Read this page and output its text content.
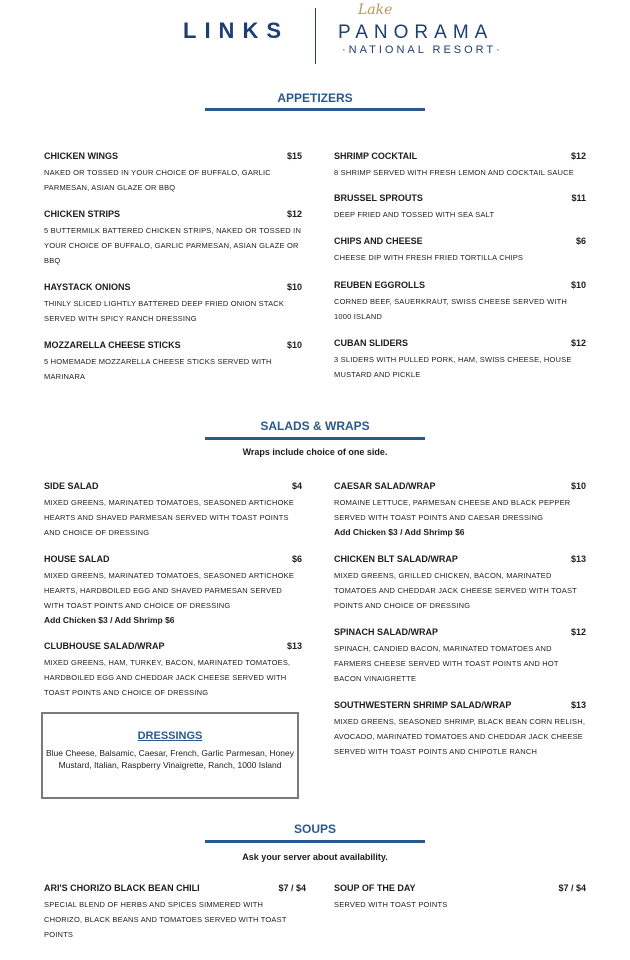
LINKS
Lake
PANORAMA
·NATIONAL RESORT·
APPETIZERS
CHICKEN WINGS	$15
NAKED OR TOSSED IN YOUR CHOICE OF BUFFALO, GARLIC PARMESAN, ASIAN GLAZE OR BBQ
CHICKEN STRIPS	$12
5 BUTTERMILK BATTERED CHICKEN STRIPS, NAKED OR TOSSED IN YOUR CHOICE OF BUFFALO, GARLIC PARMESAN, ASIAN GLAZE OR BBQ
HAYSTACK ONIONS	$10
THINLY SLICED LIGHTLY BATTERED DEEP FRIED ONION STACK SERVED WITH SPICY RANCH DRESSING
MOZZARELLA CHEESE STICKS	$10
5 HOMEMADE MOZZARELLA CHEESE STICKS SERVED WITH MARINARA
SHRIMP COCKTAIL	$12
8 SHRIMP SERVED WITH FRESH LEMON AND COCKTAIL SAUCE
BRUSSEL SPROUTS	$11
DEEP FRIED AND TOSSED WITH SEA SALT
CHIPS AND CHEESE	$6
CHEESE DIP WITH FRESH FRIED TORTILLA CHIPS
REUBEN EGGROLLS	$10
CORNED BEEF, SAUERKRAUT, SWISS CHEESE SERVED WITH 1000 ISLAND
CUBAN SLIDERS	$12
3 SLIDERS WITH PULLED PORK, HAM, SWISS CHEESE, HOUSE MUSTARD AND PICKLE
SALADS & WRAPS
Wraps include choice of one side.
SIDE SALAD	$4
MIXED GREENS, MARINATED TOMATOES, SEASONED ARTICHOKE HEARTS AND SHAVED PARMESAN SERVED WITH TOAST POINTS AND CHOICE OF DRESSING
HOUSE SALAD	$6
MIXED GREENS, MARINATED TOMATOES, SEASONED ARTICHOKE HEARTS, HARDBOILED EGG AND SHAVED PARMESAN SERVED WITH TOAST POINTS AND CHOICE OF DRESSING
Add Chicken $3 / Add Shrimp $6
CLUBHOUSE SALAD/WRAP	$13
MIXED GREENS, HAM, TURKEY, BACON, MARINATED TOMATOES, HARDBOILED EGG AND CHEDDAR JACK CHEESE SERVED WITH TOAST POINTS AND CHOICE OF DRESSING
CAESAR SALAD/WRAP	$10
ROMAINE LETTUCE, PARMESAN CHEESE AND BLACK PEPPER SERVED WITH TOAST POINTS AND CAESAR DRESSING
Add Chicken $3 / Add Shrimp $6
CHICKEN BLT SALAD/WRAP	$13
MIXED GREENS, GRILLED CHICKEN, BACON, MARINATED TOMATOES AND CHEDDAR JACK CHEESE SERVED WITH TOAST POINTS AND CHOICE OF DRESSING
SPINACH SALAD/WRAP	$12
SPINACH, CANDIED BACON, MARINATED TOMATOES AND FARMERS CHEESE SERVED WITH TOAST POINTS AND HOT BACON VINAIGRETTE
SOUTHWESTERN SHRIMP SALAD/WRAP	$13
MIXED GREENS, SEASONED SHRIMP, BLACK BEAN CORN RELISH, AVOCADO, MARINATED TOMATOES AND CHEDDAR JACK CHEESE SERVED WITH TOAST POINTS AND CHIPOTLE RANCH
DRESSINGS
Blue Cheese, Balsamic, Caesar, French, Garlic Parmesan, Honey Mustard, Italian, Raspberry Vinaigrette, Ranch, 1000 Island
SOUPS
Ask your server about availability.
ARI'S CHORIZO BLACK BEAN CHILI	$7 / $4
SPECIAL BLEND OF HERBS AND SPICES SIMMERED WITH CHORIZO, BLACK BEANS AND TOMATOES SERVED WITH TOAST POINTS
SOUP OF THE DAY	$7 / $4
SERVED WITH TOAST POINTS
